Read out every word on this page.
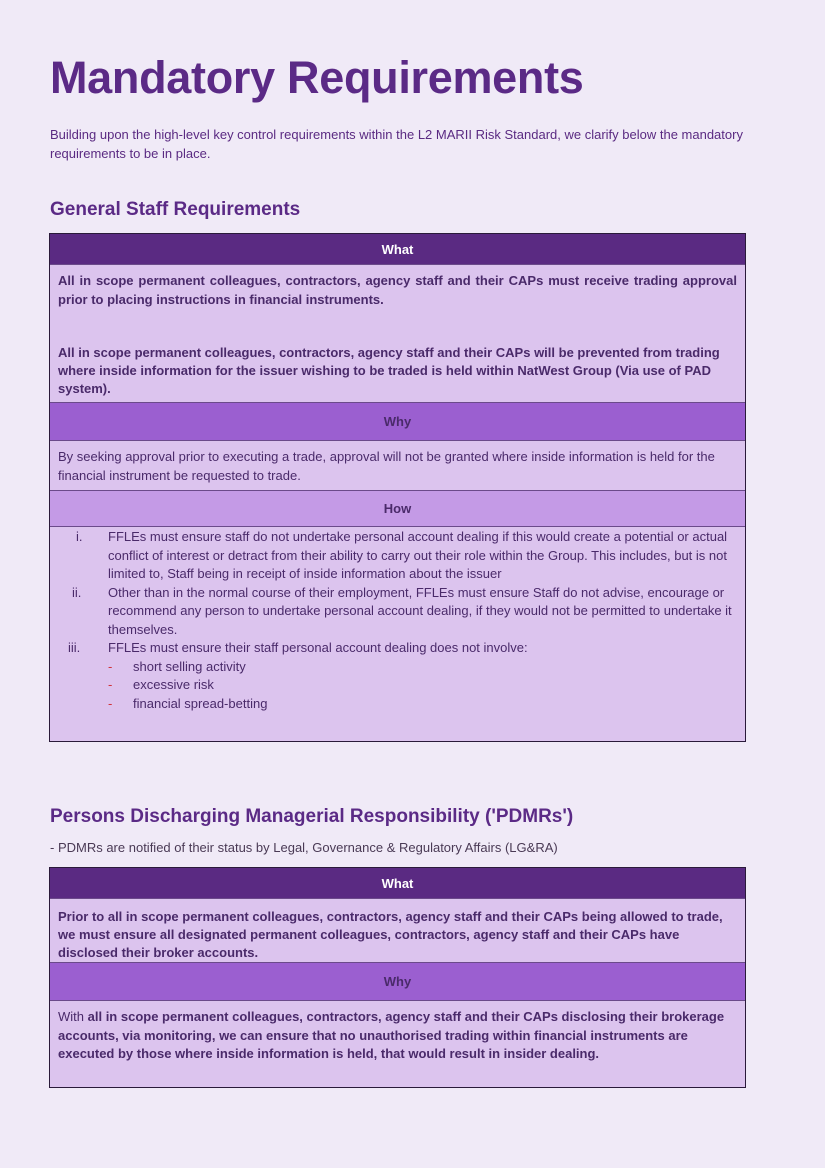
Mandatory Requirements

Building upon the high-level key control requirements within the L2 MARII Risk Standard, we clarify below the mandatory requirements to be in place.

General Staff Requirements
What

All in scope permanent colleagues, contractors, agency staff and their CAPs must receive trading approval prior to placing instructions in financial instruments.

All in scope permanent colleagues, contractors, agency staff and their CAPs will be prevented from trading where inside information for the issuer wishing to be traded is held within NatWest Group (Via use of PAD system).

Why

By seeking approval prior to executing a trade, approval will not be granted where inside information is held for the financial instrument be requested to trade.

How
i.	FFLEs must ensure staff do not undertake personal account dealing if this would create a potential or actual conflict of interest or detract from their ability to carry out their role within the Group. This includes, but is not limited to, Staff being in receipt of inside information about the issuer
ii.	Other than in the normal course of their employment, FFLEs must ensure Staff do not advise, encourage or recommend any person to undertake personal account dealing, if they would not be permitted to undertake it themselves.
iii.	FFLEs must ensure their staff personal account dealing does not involve:
-	short selling activity
-	excessive risk
-	financial spread-betting
Persons Discharging Managerial Responsibility ('PDMRs')

- PDMRs are notified of their status by Legal, Governance & Regulatory Affairs (LG&RA)

What

Prior to all in scope permanent colleagues, contractors, agency staff and their CAPs being allowed to trade, we must ensure all designated permanent colleagues, contractors, agency staff and their CAPs have disclosed their broker accounts.

Why

With all in scope permanent colleagues, contractors, agency staff and their CAPs disclosing their brokerage accounts, via monitoring, we can ensure that no unauthorised trading within financial instruments are executed by those where inside information is held, that would result in insider dealing.
